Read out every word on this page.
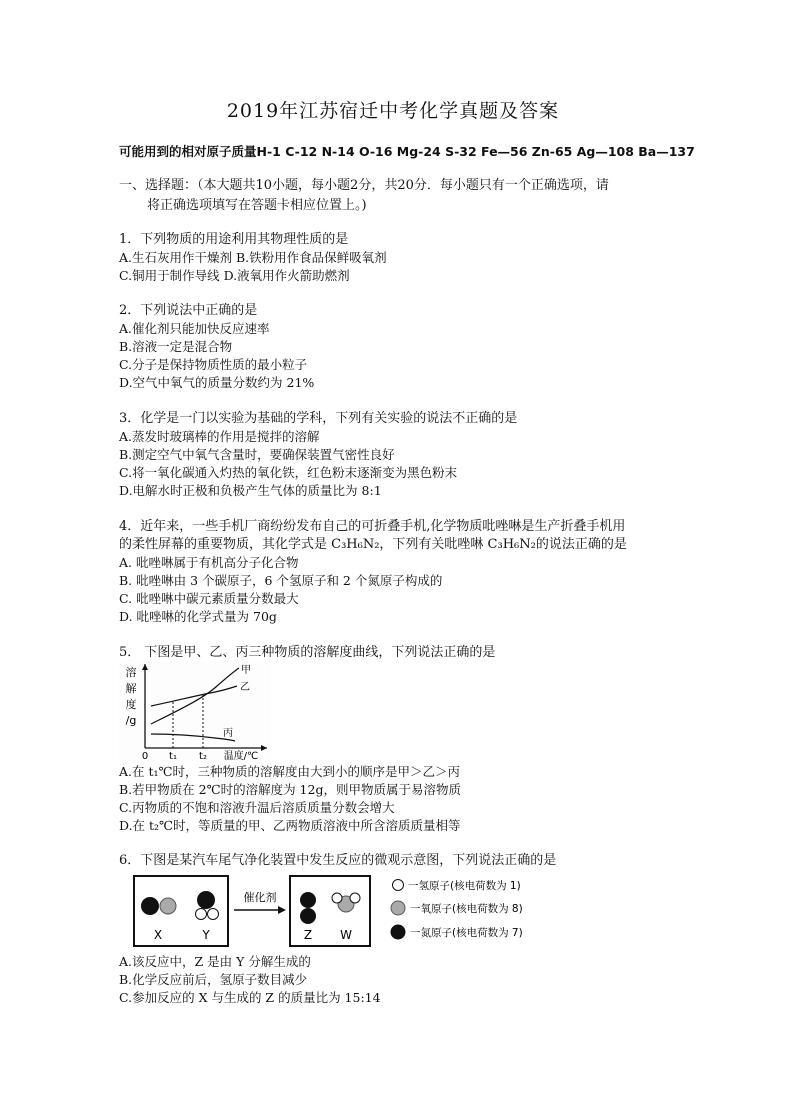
2019年江苏宿迁中考化学真题及答案
可能用到的相对原子质量H-1 C-12 N-14 O-16 Mg-24 S-32 Fe—56 Zn-65 Ag—108 Ba—137
一、选择题：（本大题共10小题，每小题2分，共20分．每小题只有一个正确选项，请
将正确选项填写在答题卡相应位置上。)
1．下列物质的用途利用其物理性质的是
A.生石灰用作干燥剂 B.铁粉用作食品保鲜吸氧剂
C.铜用于制作导线 D.液氧用作火箭助燃剂
2．下列说法中正确的是
A.催化剂只能加快反应速率
B.溶液一定是混合物
C.分子是保持物质性质的最小粒子
D.空气中氧气的质量分数约为 21%
3．化学是一门以实验为基础的学科，下列有关实验的说法不正确的是
A.蒸发时玻璃棒的作用是搅拌的溶解
B.测定空气中氧气含量时，要确保装置气密性良好
C.将一氧化碳通入灼热的氧化铁，红色粉末逐渐变为黑色粉末
D.电解水时正极和负极产生气体的质量比为 8:1
4．近年来，一些手机厂商纷纷发布自己的可折叠手机,化学物质吡唑啉是生产折叠手机用
的柔性屏幕的重要物质，其化学式是 C₃H₆N₂，下列有关吡唑啉 C₃H₆N₂的说法正确的是
A. 吡唑啉属于有机高分子化合物
B. 吡唑啉由 3 个碳原子，6 个氢原子和 2 个氮原子构成的
C. 吡唑啉中碳元素质量分数最大
D. 吡唑啉的化学式量为 70g
5． 下图是甲、乙、丙三种物质的溶解度曲线，下列说法正确的是
溶
解
度
/g
甲
乙
丙
0 t₁ t₂ 温度/℃
A.在 t₁℃时，三种物质的溶解度由大到小的顺序是甲＞乙＞丙
B.若甲物质在 2℃时的溶解度为 12g，则甲物质属于易溶物质
C.丙物质的不饱和溶液升温后溶质质量分数会增大
D.在 t₂℃时，等质量的甲、乙两物质溶液中所含溶质质量相等
6．下图是某汽车尾气净化装置中发生反应的微观示意图，下列说法正确的是
X	Y
催化剂
Z W
一氢原子(核电荷数为 1)
一氧原子(核电荷数为 8)
一氮原子(核电荷数为 7)
A.该反应中，Z 是由 Y 分解生成的
B.化学反应前后，氢原子数目减少
C.参加反应的 X 与生成的 Z 的质量比为 15:14
